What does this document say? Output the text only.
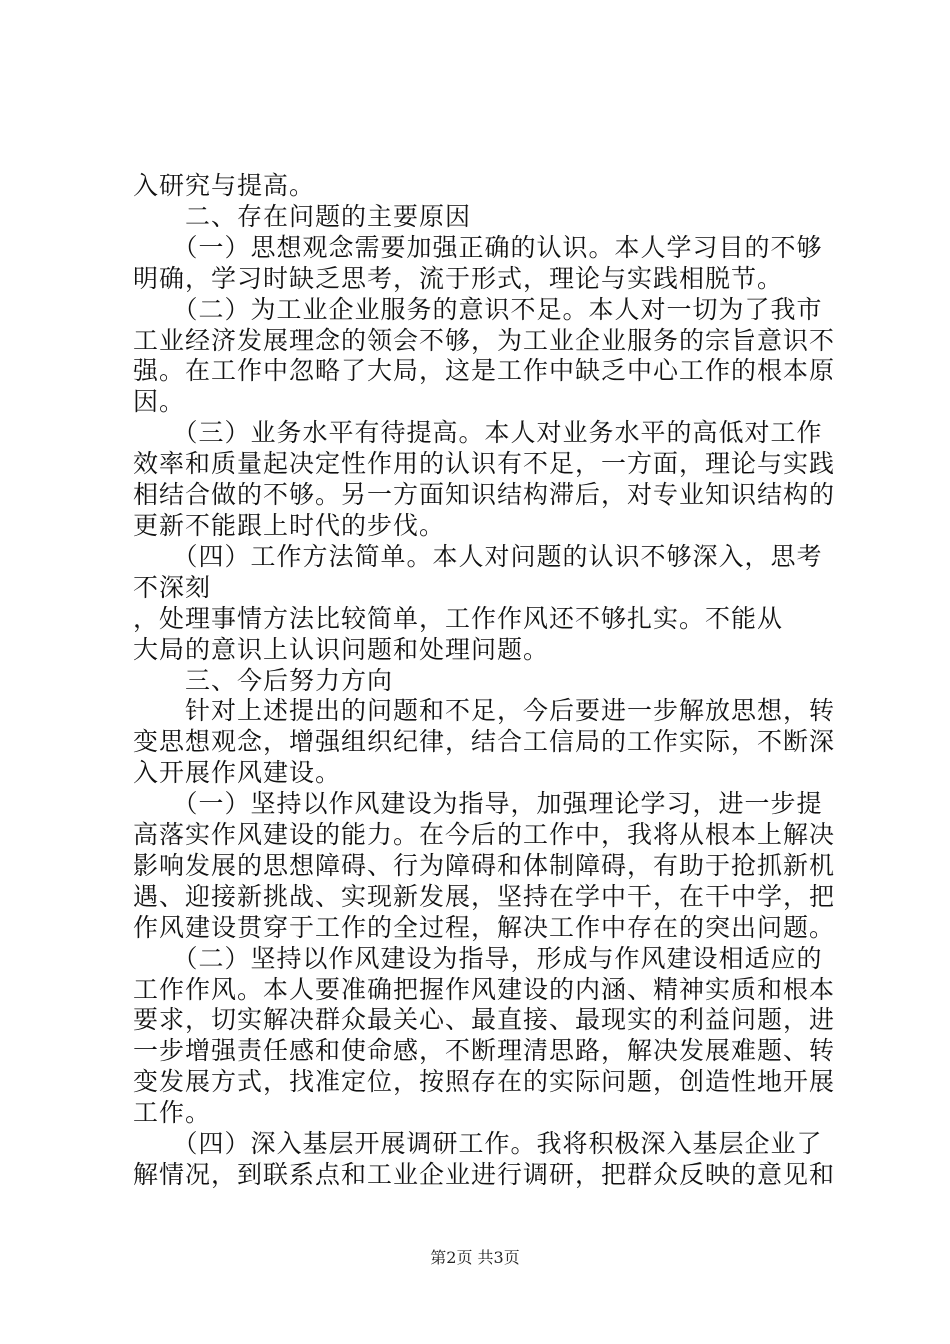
入研究与提高。
　　二、存在问题的主要原因
　　（一）思想观念需要加强正确的认识。本人学习目的不够
明确，学习时缺乏思考，流于形式，理论与实践相脱节。
　　（二）为工业企业服务的意识不足。本人对一切为了我市
工业经济发展理念的领会不够，为工业企业服务的宗旨意识不
强。在工作中忽略了大局，这是工作中缺乏中心工作的根本原
因。
　　（三）业务水平有待提高。本人对业务水平的高低对工作
效率和质量起决定性作用的认识有不足，一方面，理论与实践
相结合做的不够。另一方面知识结构滞后，对专业知识结构的
更新不能跟上时代的步伐。
　　（四）工作方法简单。本人对问题的认识不够深入，思考
不深刻
，处理事情方法比较简单，工作作风还不够扎实。不能从
大局的意识上认识问题和处理问题。
　　三、今后努力方向
　　针对上述提出的问题和不足，今后要进一步解放思想，转
变思想观念，增强组织纪律，结合工信局的工作实际，不断深
入开展作风建设。
　　（一）坚持以作风建设为指导，加强理论学习，进一步提
高落实作风建设的能力。在今后的工作中，我将从根本上解决
影响发展的思想障碍、行为障碍和体制障碍，有助于抢抓新机
遇、迎接新挑战、实现新发展，坚持在学中干，在干中学，把
作风建设贯穿于工作的全过程，解决工作中存在的突出问题。
　　（二）坚持以作风建设为指导，形成与作风建设相适应的
工作作风。本人要准确把握作风建设的内涵、精神实质和根本
要求，切实解决群众最关心、最直接、最现实的利益问题，进
一步增强责任感和使命感，不断理清思路，解决发展难题、转
变发展方式，找准定位，按照存在的实际问题，创造性地开展
工作。
　　（四）深入基层开展调研工作。我将积极深入基层企业了
解情况，到联系点和工业企业进行调研，把群众反映的意见和
第2页 共3页
